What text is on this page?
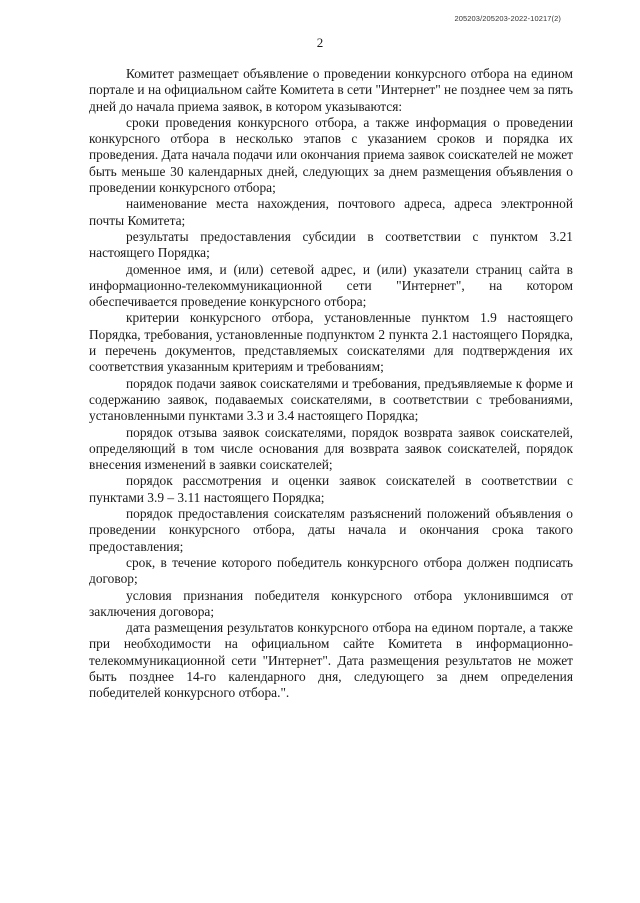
205203/205203-2022-10217(2)
2

Комитет размещает объявление о проведении конкурсного отбора на едином портале и на официальном сайте Комитета в сети "Интернет" не позднее чем за пять дней до начала приема заявок, в котором указываются:

сроки проведения конкурсного отбора, а также информация о проведении конкурсного отбора в несколько этапов с указанием сроков и порядка их проведения. Дата начала подачи или окончания приема заявок соискателей не может быть меньше 30 календарных дней, следующих за днем размещения объявления о проведении конкурсного отбора;

наименование места нахождения, почтового адреса, адреса электронной почты Комитета;

результаты предоставления субсидии в соответствии с пунктом 3.21 настоящего Порядка;

доменное имя, и (или) сетевой адрес, и (или) указатели страниц сайта в информационно-телекоммуникационной сети "Интернет", на котором обеспечивается проведение конкурсного отбора;

критерии конкурсного отбора, установленные пунктом 1.9 настоящего Порядка, требования, установленные подпунктом 2 пункта 2.1 настоящего Порядка, и перечень документов, представляемых соискателями для подтверждения их соответствия указанным критериям и требованиям;

порядок подачи заявок соискателями и требования, предъявляемые к форме и содержанию заявок, подаваемых соискателями, в соответствии с требованиями, установленными пунктами 3.3 и 3.4 настоящего Порядка;

порядок отзыва заявок соискателями, порядок возврата заявок соискателей, определяющий в том числе основания для возврата заявок соискателей, порядок внесения изменений в заявки соискателей;

порядок рассмотрения и оценки заявок соискателей в соответствии с пунктами 3.9 – 3.11 настоящего Порядка;

порядок предоставления соискателям разъяснений положений объявления о проведении конкурсного отбора, даты начала и окончания срока такого предоставления;

срок, в течение которого победитель конкурсного отбора должен подписать договор;

условия признания победителя конкурсного отбора уклонившимся от заключения договора;

дата размещения результатов конкурсного отбора на едином портале, а также при необходимости на официальном сайте Комитета в информационно-телекоммуникационной сети "Интернет". Дата размещения результатов не может быть позднее 14-го календарного дня, следующего за днем определения победителей конкурсного отбора.".
